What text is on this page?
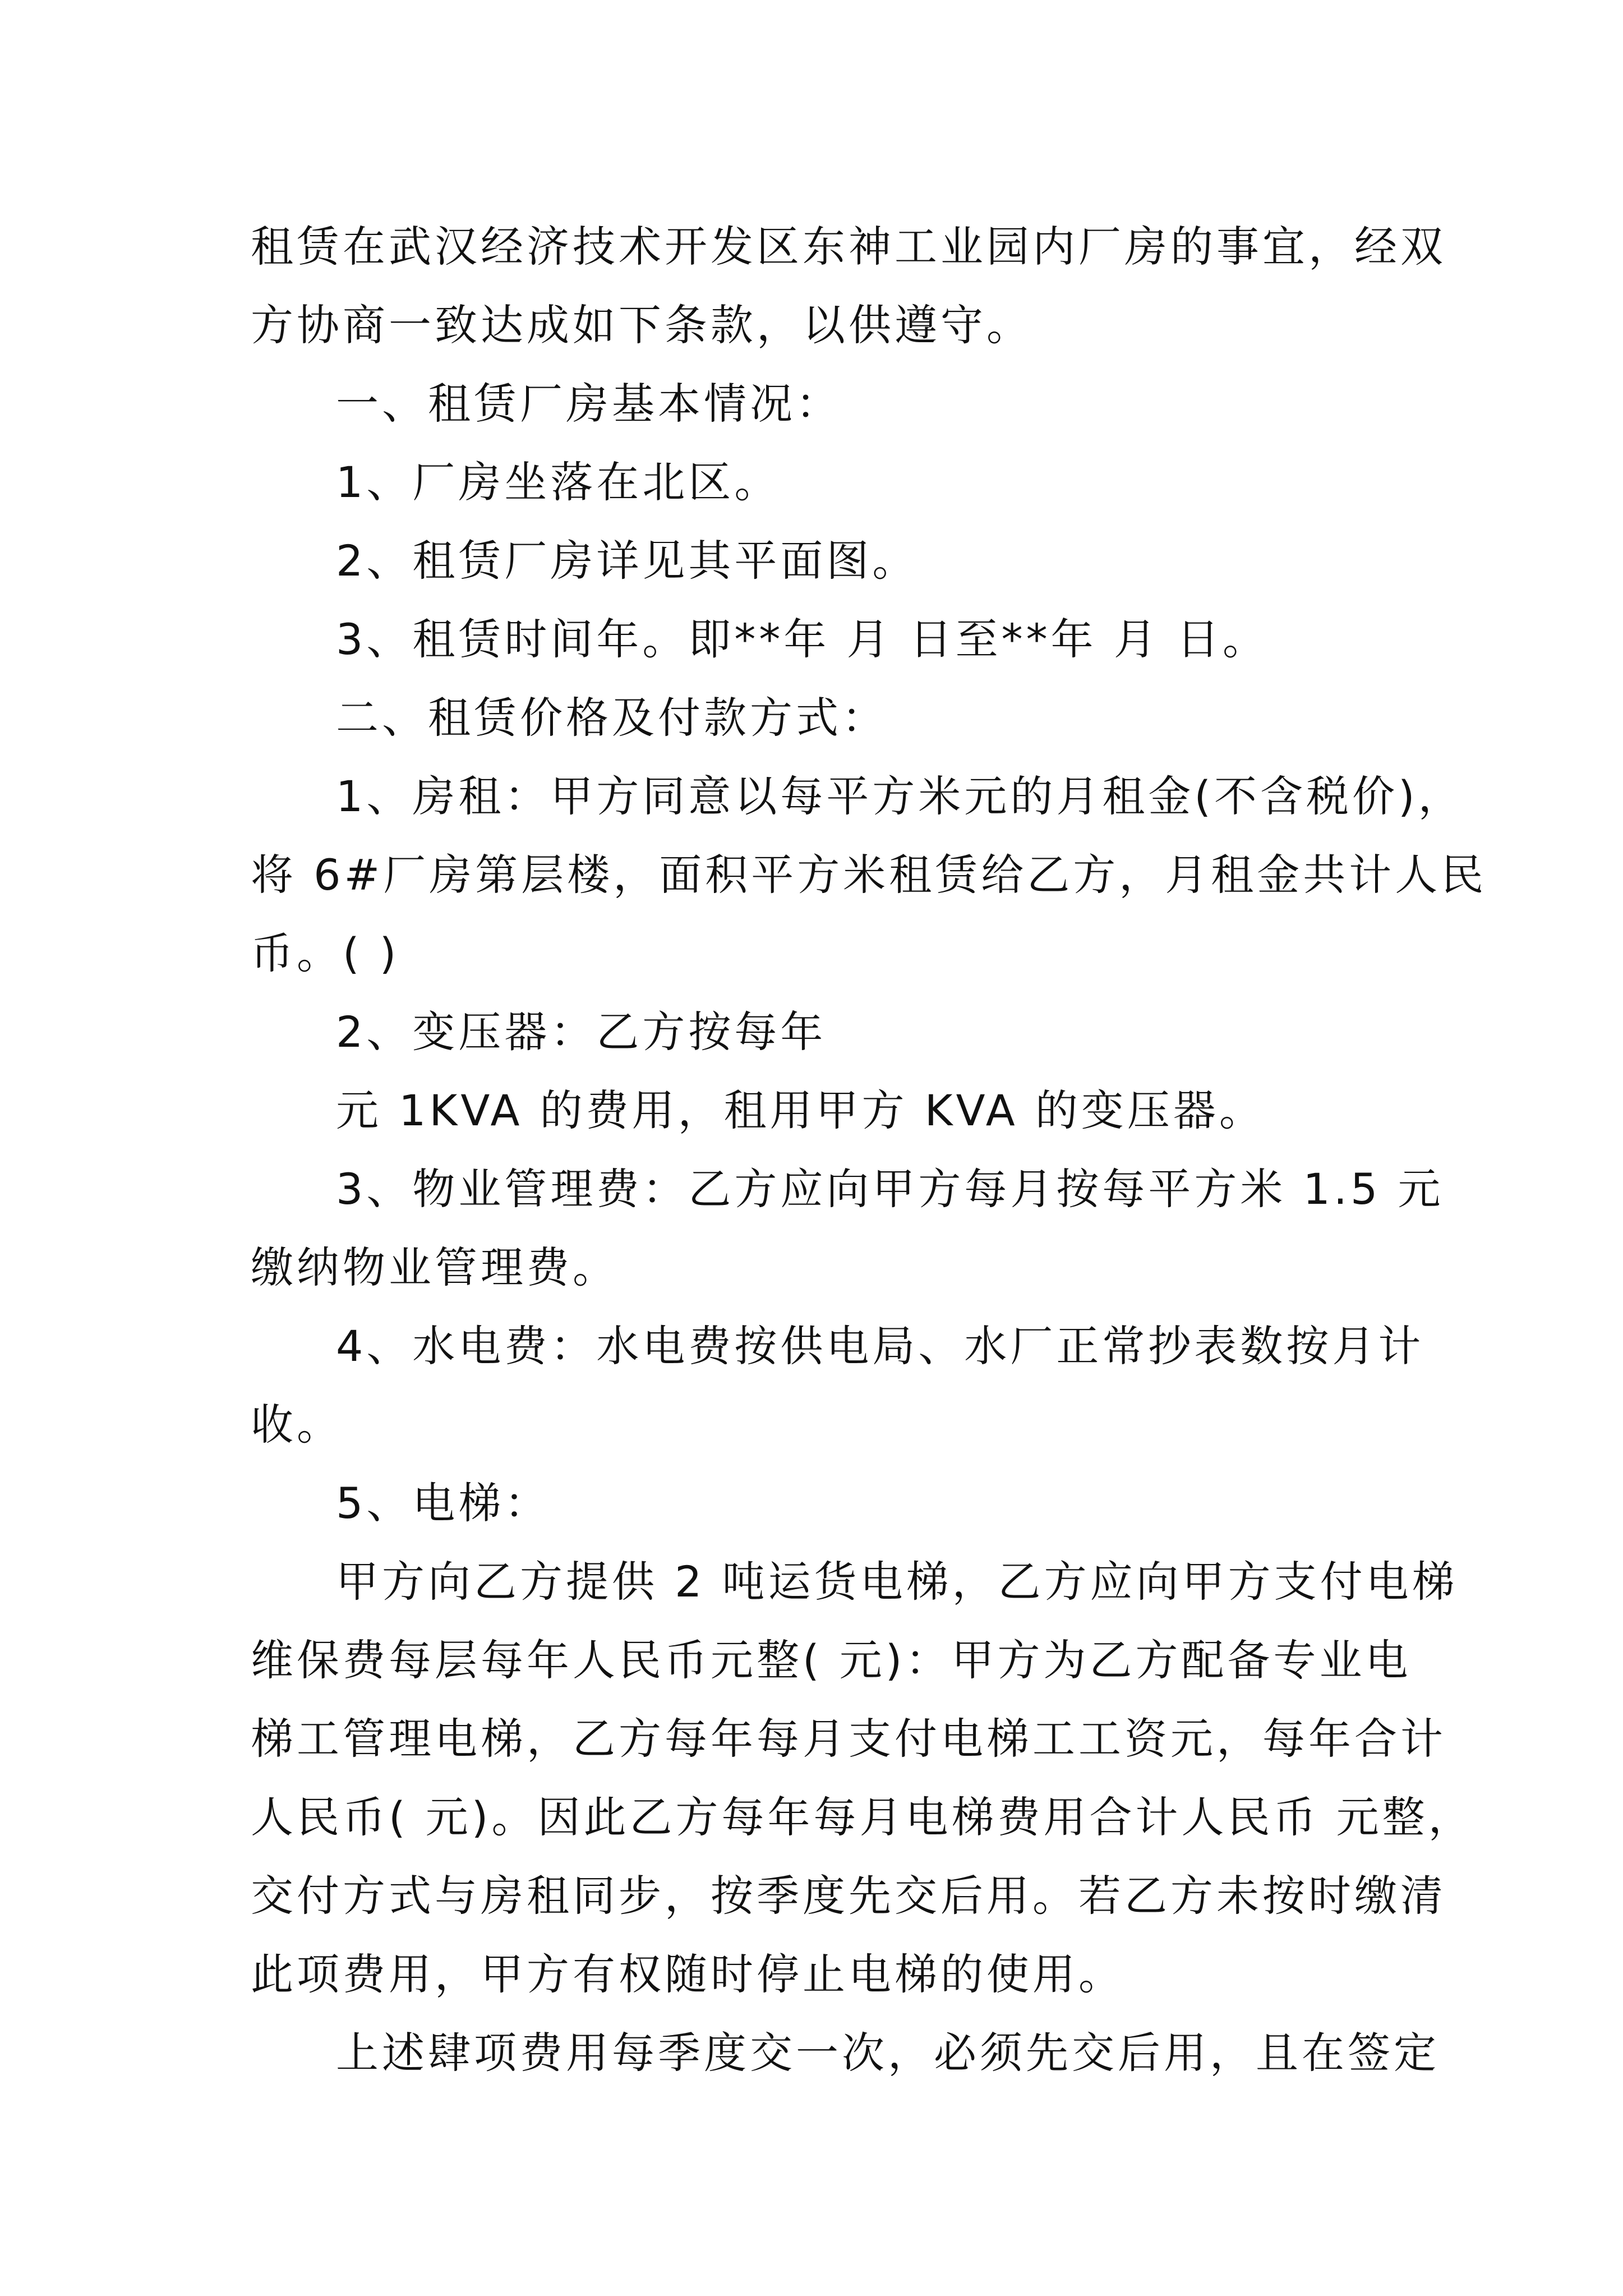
租赁在武汉经济技术开发区东神工业园内厂房的事宜，经双
方协商一致达成如下条款，以供遵守。
一、租赁厂房基本情况：
1、厂房坐落在北区。
2、租赁厂房详见其平面图。
3、租赁时间年。即**年 月 日至**年 月 日。
二、租赁价格及付款方式：
1、房租：甲方同意以每平方米元的月租金(不含税价)，
将 6#厂房第层楼，面积平方米租赁给乙方，月租金共计人民
币。( )
2、变压器：乙方按每年
元 1KVA 的费用，租用甲方 KVA 的变压器。
3、物业管理费：乙方应向甲方每月按每平方米 1.5 元
缴纳物业管理费。
4、水电费：水电费按供电局、水厂正常抄表数按月计
收。
5、电梯：
甲方向乙方提供 2 吨运货电梯，乙方应向甲方支付电梯
维保费每层每年人民币元整( 元)：甲方为乙方配备专业电
梯工管理电梯，乙方每年每月支付电梯工工资元，每年合计
人民币( 元)。因此乙方每年每月电梯费用合计人民币 元整，
交付方式与房租同步，按季度先交后用。若乙方未按时缴清
此项费用，甲方有权随时停止电梯的使用。
上述肆项费用每季度交一次，必须先交后用，且在签定
